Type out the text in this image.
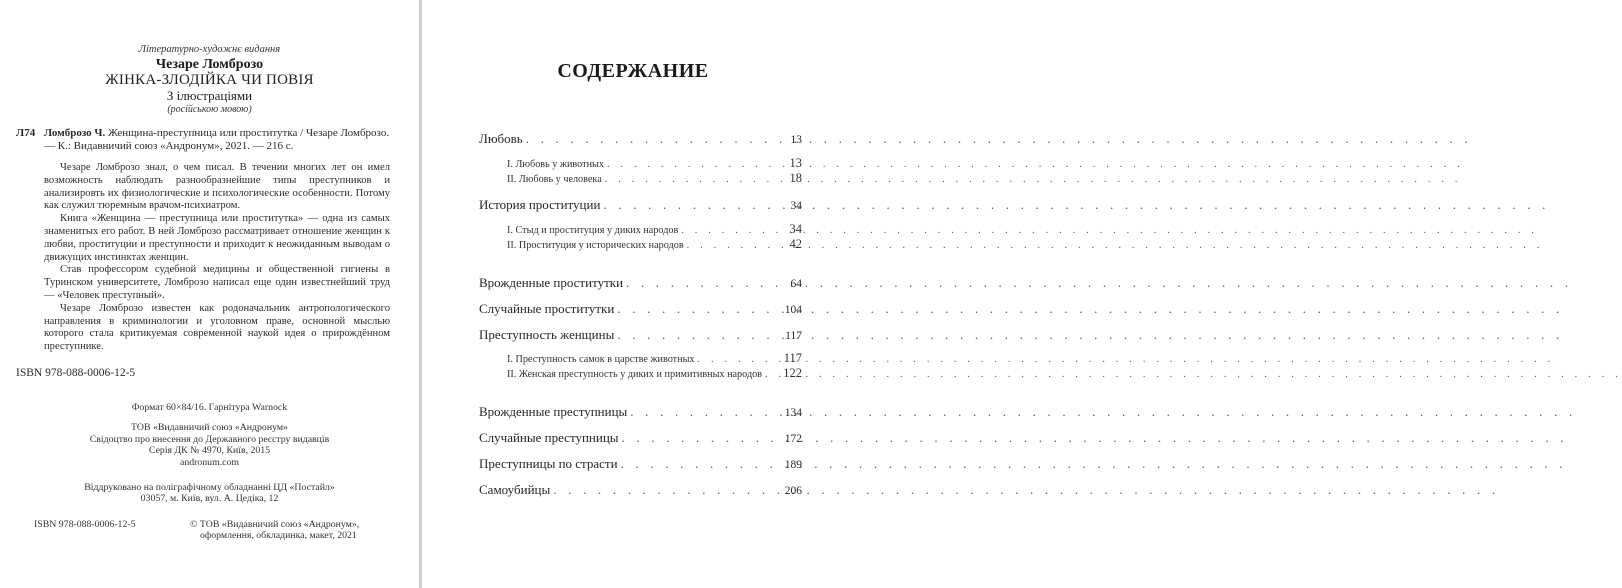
Літературно-художнє видання
Чезаре Ломброзо
ЖІНКА-ЗЛОДІЙКА ЧИ ПОВІЯ
З ілюстраціями
(російською мовою)
Л74 Ломброзо Ч. Женщина-преступница или проститутка / Чезаре Ломброзо. — К.: Видавничий союз «Андронум», 2021. — 216 с.

Чезаре Ломброзо знал, о чем писал. В течении многих лет он имел возможность наблюдать разнообразнейшие типы преступников и анализировть их физиологические и психологические особенности. Потому как служил тюремным врачом-психиатром.

Книга «Женщина — преступница или проститутка» — одна из самых знаменитых его работ. В ней Ломброзо рассматривает отношение женщин к любви, проституции и преступности и приходит к неожиданным выводам о движущих инстинктах женщин.

Став профессором судебной медицины и общественной гигиены в Туринском университете, Ломброзо написал еще один известнейший труд — «Человек преступный».

Чезаре Ломброзо известен как родоначальник антропологического направления в криминологии и уголовном праве, основной мыслью которого стала критикуемая современной наукой идея о прирождённом преступнике.

ISBN 978-088-0006-12-5
Формат 60×84/16. Гарнітура Warnock
ТОВ «Видавничий союз «Андронум»
Свідоцтво про внесення до Державного реєстру видавців
Серія ДК № 4970, Київ, 2015
andronum.com
Віддруковано на поліграфічному обладнанні ЦД «Постайл»
03057, м. Київ, вул. А. Цедіка, 12
ISBN 978-088-0006-12-5	© ТОВ «Видавничий союз «Андронум»,
оформлення, обкладинка, макет, 2021
СОДЕРЖАНИЕ
Любовь . . .	13
I. Любовь у животных . . .	13
II. Любовь у человека . . .	18
История проституции . . .	34
I. Стыд и проституция у диких народов . . .	34
II. Проституция у исторических народов . . .	42
Врожденные проститутки . . .	64
Случайные проститутки . . .	104
Преступность женщины . . .	117
I. Преступность самок в царстве животных . . .	117
II. Женская преступность у диких и примитивных народов . . . 122
Врожденные преступницы . . .	134
Случайные преступницы . . .	172
Преступницы по страсти . . .	189
Самоубийцы . . .	206
